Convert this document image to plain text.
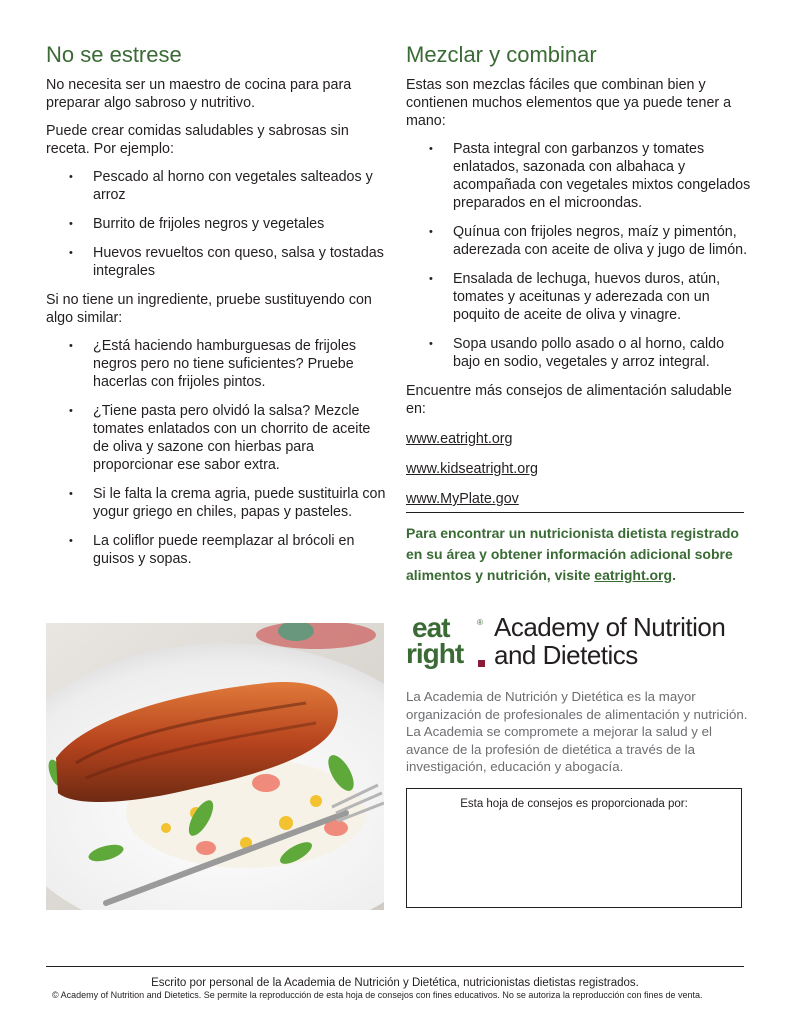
No se estrese

No necesita ser un maestro de cocina para para preparar algo sabroso y nutritivo.

Puede crear comidas saludables y sabrosas sin receta. Por ejemplo:

• Pescado al horno con vegetales salteados y arroz
• Burrito de frijoles negros y vegetales
• Huevos revueltos con queso, salsa y tostadas integrales

Si no tiene un ingrediente, pruebe sustituyendo con algo similar:

• ¿Está haciendo hamburguesas de frijoles negros pero no tiene suficientes? Pruebe hacerlas con frijoles pintos.
• ¿Tiene pasta pero olvidó la salsa? Mezcle tomates enlatados con un chorrito de aceite de oliva y sazone con hierbas para proporcionar ese sabor extra.
• Si le falta la crema agria, puede sustituirla con yogur griego en chiles, papas y pasteles.
• La coliflor puede reemplazar al brócoli en guisos y sopas.
Mezclar y combinar

Estas son mezclas fáciles que combinan bien y contienen muchos elementos que ya puede tener a mano:

• Pasta integral con garbanzos y tomates enlatados, sazonada con albahaca y acompañada con vegetales mixtos congelados preparados en el microondas.
• Quínua con frijoles negros, maíz y pimentón, aderezada con aceite de oliva y jugo de limón.
• Ensalada de lechuga, huevos duros, atún, tomates y aceitunas y aderezada con un poquito de aceite de oliva y vinagre.
• Sopa usando pollo asado o al horno, caldo bajo en sodio, vegetales y arroz integral.

Encuentre más consejos de alimentación saludable en:

www.eatright.org
www.kidseatright.org
www.MyPlate.gov

Para encontrar un nutricionista dietista registrado en su área y obtener información adicional sobre alimentos y nutrición, visite eatright.org.

eat	®
right
Academy of Nutrition
and Dietetics

La Academia de Nutrición y Dietética es la mayor organización de profesionales de alimentación y nutrición. La Academia se compromete a mejorar la salud y el avance de la profesión de dietética a través de la investigación, educación y abogacía.

Esta hoja de consejos es proporcionada por:

Escrito por personal de la Academia de Nutrición y Dietética, nutricionistas dietistas registrados.

© Academy of Nutrition and Dietetics. Se permite la reproducción de esta hoja de consejos con fines educativos. No se autoriza la reproducción con fines de venta.
